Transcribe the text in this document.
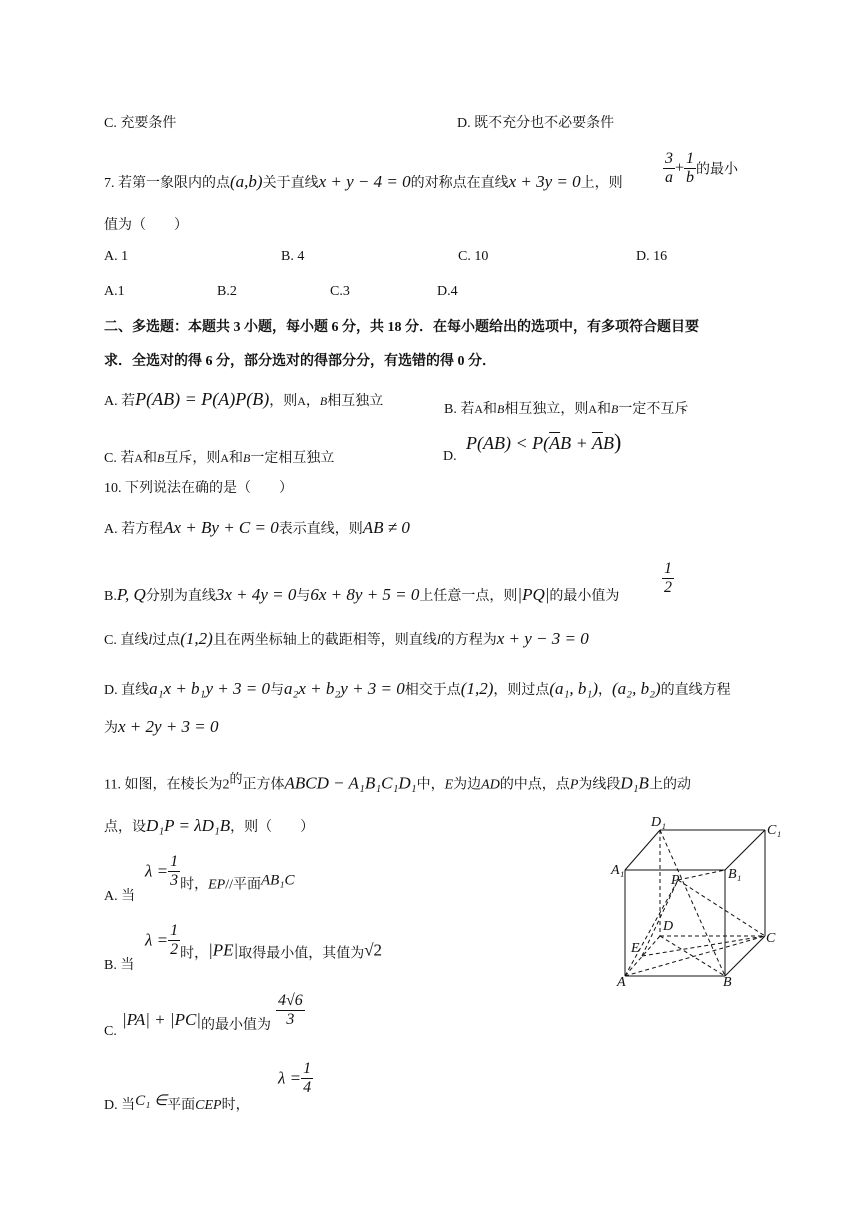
C. 充要条件	D. 既不充分也不必要条件
7. 若第一象限内的点(a,b)关于直线x + y − 4 = 0的对称点在直线x + 3y = 0上，则	$\frac{3}{a} + \frac{1}{b}$ 的最小
值为（　　）
A. 1	B. 4	C. 10	D. 16
A.1	B.2	C.3	D.4
二、多选题：本题共 3 小题，每小题 6 分，共 18 分．在每小题给出的选项中，有多项符合题目要
求．全选对的得 6 分，部分选对的得部分分，有选错的得 0 分．
A. 若P(AB) = P(A)P(B)，则A，B相互独立
B. 若A和B相互独立，则A和B一定不互斥
C. 若A和B互斥，则A和B一定相互独立	D.
$P(AB) < P(\overline{A}B + \overline{A}B)$
10. 下列说法在确的是（　　）
A. 若方程Ax + By + C = 0表示直线，则AB ≠ 0
B.P, Q分别为直线3x + 4y = 0与6x + 8y + 5 = 0上任意一点，则|PQ|的最小值为	$\frac{1}{2}$
C. 直线l过点(1,2)且在两坐标轴上的截距相等，则直线l的方程为x + y − 3 = 0
D. 直线a₁x + b₁y + 3 = 0与a₂x + b₂y + 3 = 0相交于点(1,2)，则过点(a₁, b₁)，(a₂, b₂)的直线方程
为x + 2y + 3 = 0
11. 如图，在棱长为$2^的$正方体ABCD − A₁B₁C₁D₁中，E为边AD的中点，点P为线段D₁B上的动
点，设D₁P = λD₁B，则（　　）
A. 当
$\lambda = \frac{1}{3}$ 时，EP//平面AB₁C
B. 当
$\lambda = \frac{1}{2}$ 时，|PE|取得最小值，其值为√2
C.
|PA| + |PC|的最小值为 $\frac{4√6}{3}$
D. 当C₁ ∈平面CEP时，
$\lambda = \frac{1}{4}$
D₁
C₁
A₁	B₁
P
D
E
C
A	B
